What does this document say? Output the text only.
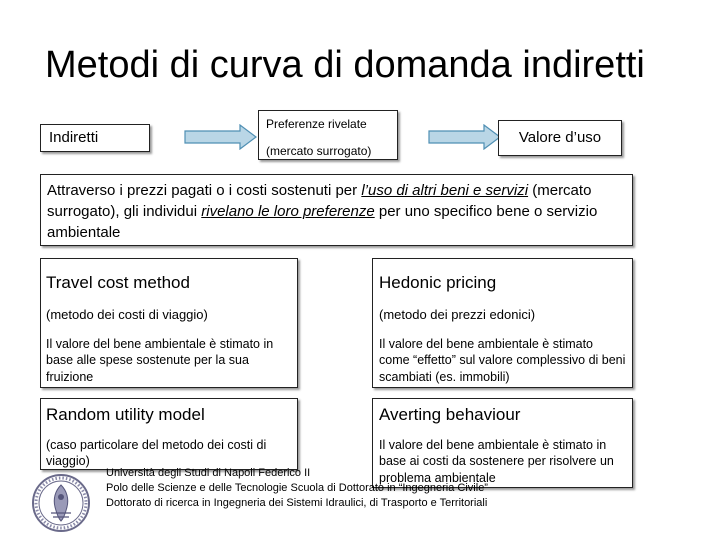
Metodi di curva di domanda indiretti
Indiretti
Preferenze rivelate
(mercato surrogato)
Valore d’uso
Attraverso i prezzi pagati o i costi sostenuti per l’uso di altri beni e servizi (mercato surrogato), gli individui rivelano le loro preferenze per uno specifico bene o servizio ambientale
Travel cost method
(metodo dei costi di viaggio)
Il valore del bene ambientale è stimato in base alle spese sostenute per la sua fruizione
Hedonic pricing
(metodo dei prezzi edonici)
Il valore del bene ambientale è stimato come “effetto” sul valore complessivo di beni scambiati (es. immobili)
Random utility model
(caso particolare del metodo dei costi di viaggio)
Averting behaviour
Il valore del bene ambientale è stimato in base ai costi da sostenere per risolvere un problema ambientale
Università degli Studi di Napoli Federico II
Polo delle Scienze e delle Tecnologie Scuola di Dottorato in “Ingegneria Civile”
Dottorato di ricerca in Ingegneria dei Sistemi Idraulici, di Trasporto e Territoriali
